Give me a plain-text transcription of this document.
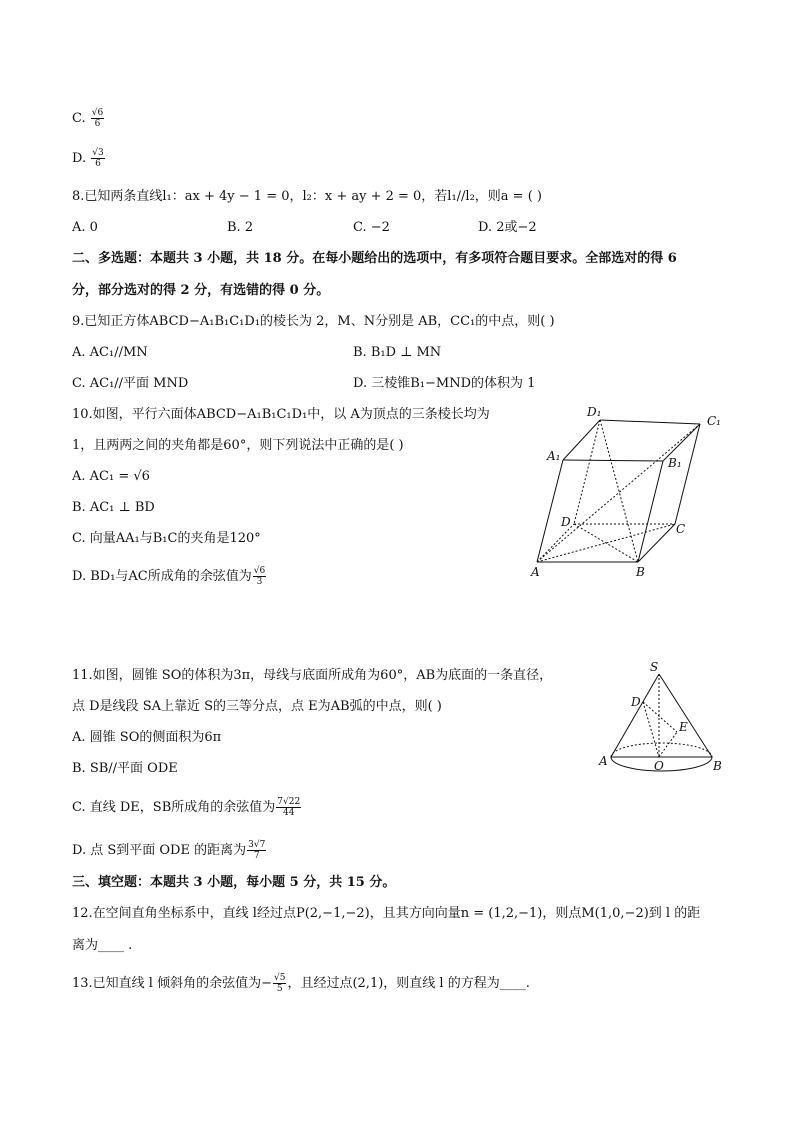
C. $\frac{√6}{6}$
D. $\frac{√3}{6}$
8.已知两条直线l₁：ax + 4y − 1 = 0，l₂：x + ay + 2 = 0，若l₁//l₂，则a = ( )
A. 0	B. 2	C. −2	D. 2或−2
二、多选题：本题共 3 小题，共 18 分。在每小题给出的选项中，有多项符合题目要求。全部选对的得 6
分，部分选对的得 2 分，有选错的得 0 分。
9.已知正方体ABCD−A₁B₁C₁D₁的棱长为 2，M、N分别是 AB，CC₁的中点，则( )
A. AC₁//MN	B. B₁D ⊥ MN
C. AC₁//平面 MND	D. 三棱锥B₁−MND的体积为 1
10.如图，平行六面体ABCD−A₁B₁C₁D₁中，以 A为顶点的三条棱长均为
1，且两两之间的夹角都是60°，则下列说法中正确的是( )
A. AC₁ = √6
B. AC₁ ⊥ BD
C. 向量AA₁与B₁C的夹角是120°
D. BD₁与AC所成角的余弦值为 $\frac{√6}{3}$
D₁
C₁
A₁	B₁
D	C
A	B
11.如图，圆锥 SO的体积为3π，母线与底面所成角为60°，AB为底面的一条直径，
点 D是线段 SA上靠近 S的三等分点，点 E为AB弧的中点，则( )
A. 圆锥 SO的侧面积为6π
B. SB//平面 ODE
C. 直线 DE，SB所成角的余弦值为 $\frac{7√22}{44}$
D. 点 S到平面 ODE 的距离为 $\frac{3√7}{7}$
S
D
E
A	O	B
三、填空题：本题共 3 小题，每小题 5 分，共 15 分。
12.在空间直角坐标系中，直线 l经过点P(2,−1,−2)，且其方向向量n = (1,2,−1)，则点M(1,0,−2)到 l 的距
离为____ .
13.已知直线 l 倾斜角的余弦值为− $\frac{√5}{5}$ ，且经过点(2,1)，则直线 l 的方程为____.
